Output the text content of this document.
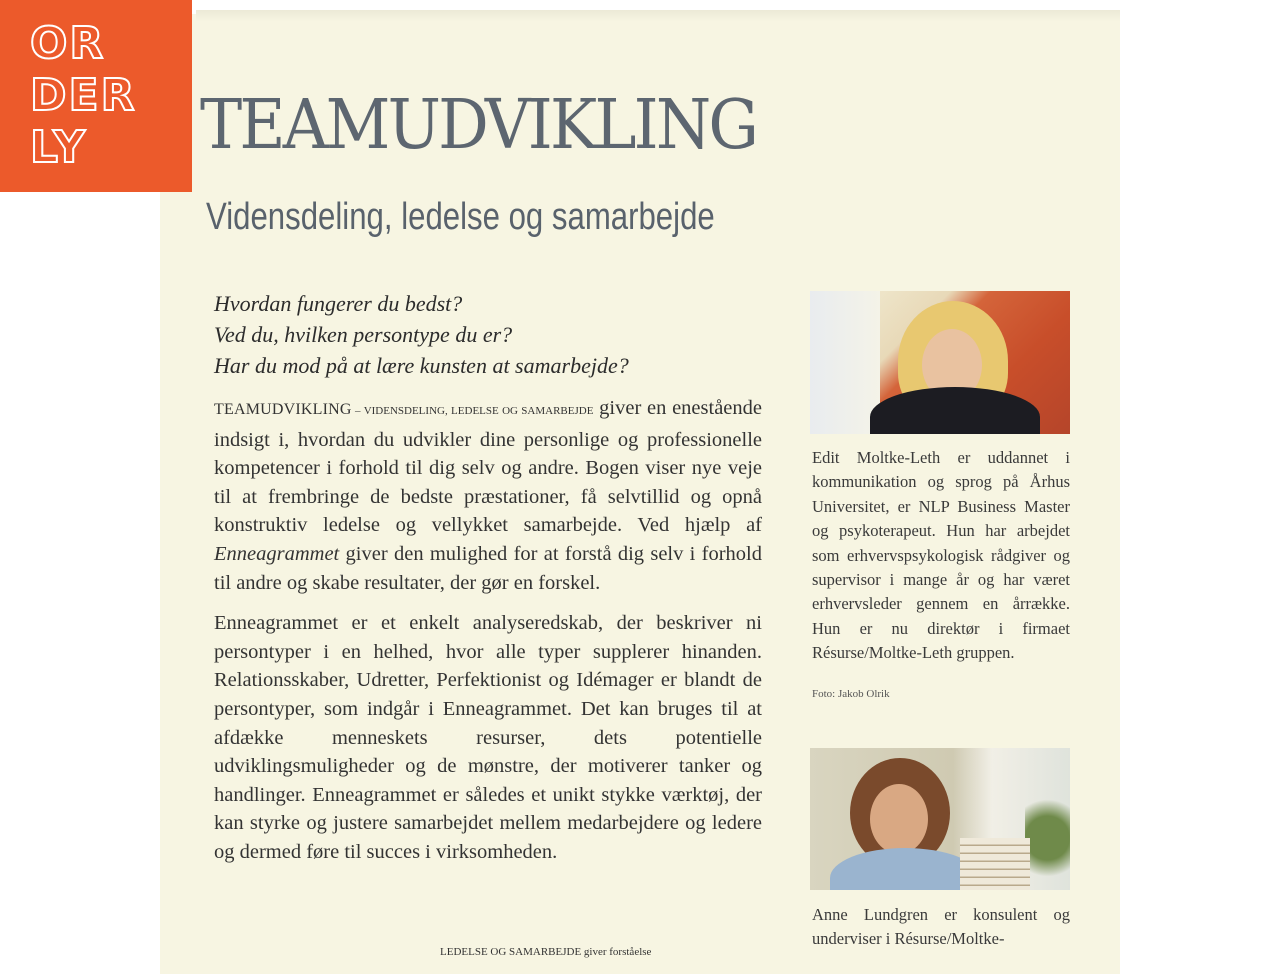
OR
DER
LY TEAMUDVIKLING
Vidensdeling, ledelse og samarbejde
Hvordan fungerer du bedst?
Ved du, hvilken persontype du er?
Har du mod på at lære kunsten at samarbejde?

TEAMUDVIKLING – VIDENSDELING, LEDELSE OG SAMARBEJDE giver en enestående indsigt i, hvordan du udvikler dine personlige og professionelle kompetencer i forhold til dig selv og andre. Bogen viser nye veje til at frembringe de bedste præstationer, få selvtillid og opnå konstruktiv ledelse og vellykket samarbejde. Ved hjælp af Enneagrammet giver den mulighed for at forstå dig selv i forhold til andre og skabe resultater, der gør en forskel.

Enneagrammet er et enkelt analyseredskab, der beskriver ni persontyper i en helhed, hvor alle typer supplerer hinanden. Relationsskaber, Udretter, Perfektionist og Idémager er blandt de persontyper, som indgår i Enneagrammet. Det kan bruges til at afdække menneskets resurser, dets potentielle udviklingsmuligheder og de mønstre, der motiverer tanker og handlinger. Enneagrammet er således et unikt stykke værktøj, der kan styrke og justere samarbejdet mellem medarbejdere og ledere og dermed føre til succes i virksomheden.

LEDELSE OG SAMARBEJDE giver forståelse
Edit Moltke-Leth er uddannet i kommunikation og sprog på Århus Universitet, er NLP Business Master og psykoterapeut. Hun har arbejdet som erhvervspsykologisk rådgiver og supervisor i mange år og har været erhvervsleder gennem en årrække. Hun er nu direktør i firmaet Résurse/Moltke-Leth gruppen.
Foto: Jakob Olrik
Anne Lundgren er konsulent og underviser i Résurse/Moltke-
